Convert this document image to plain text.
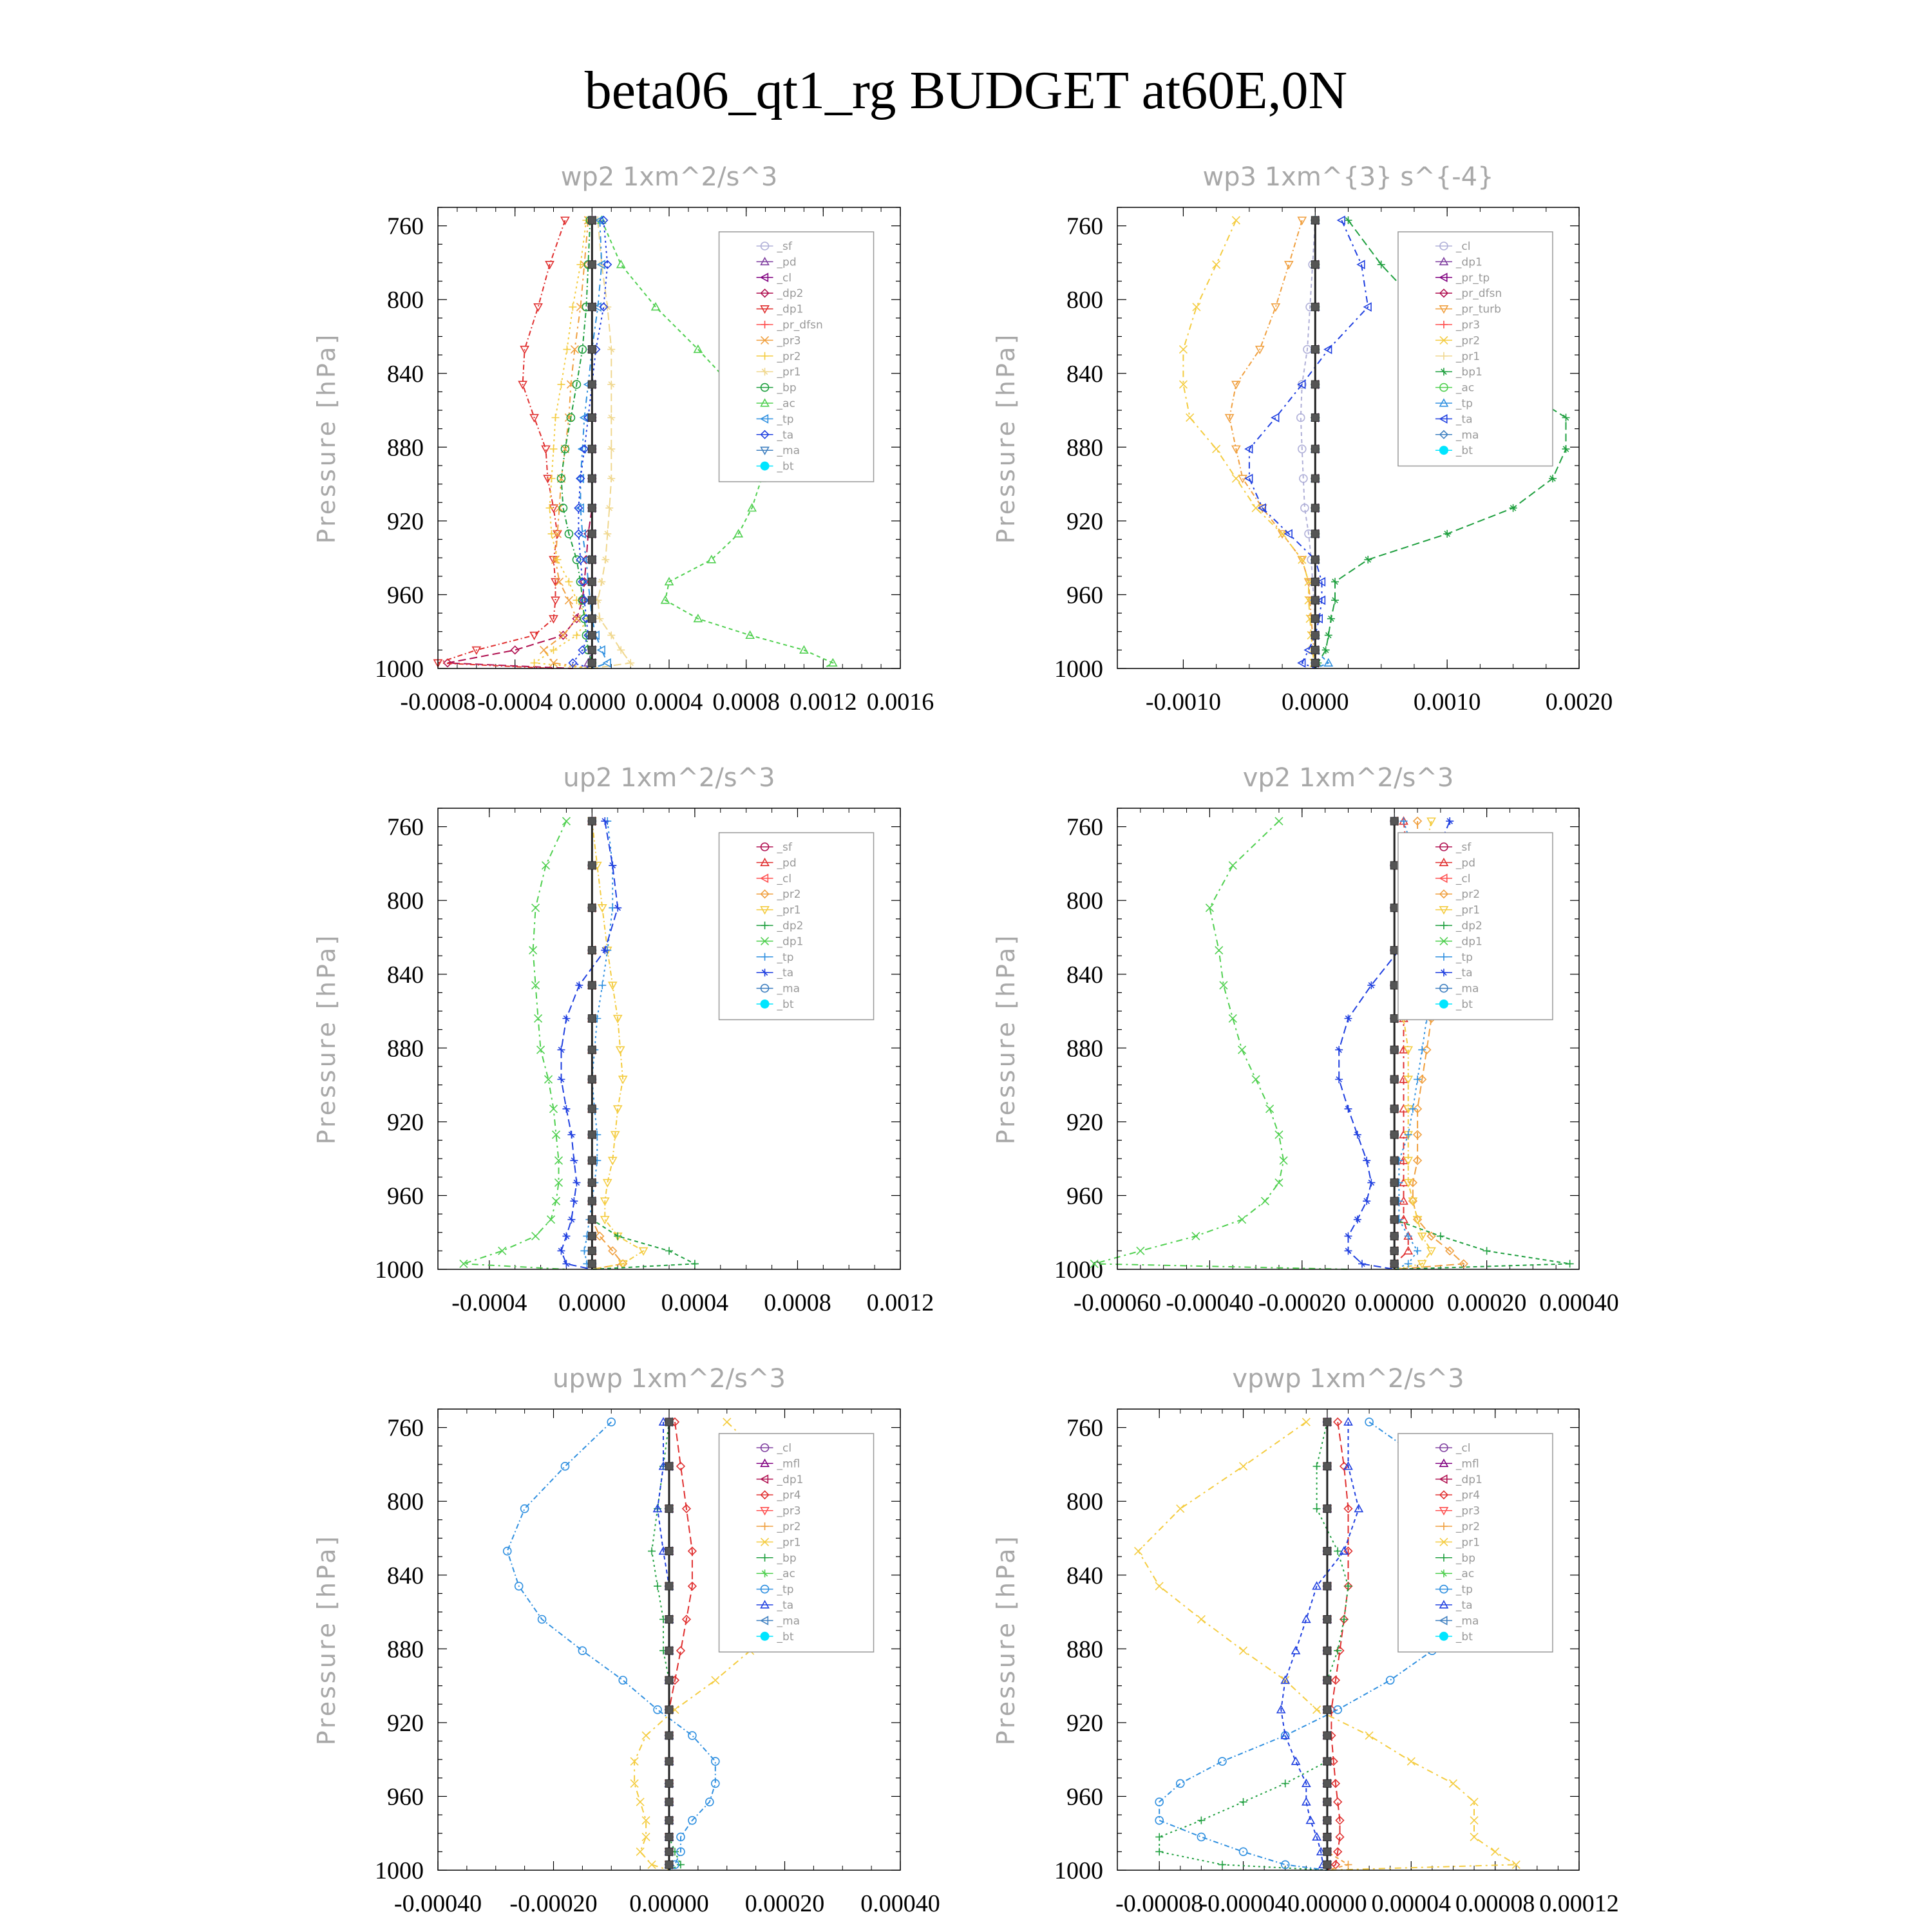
beta06_qt1_rg BUDGET at60E,0N
wp2 1xm^2/s^3
Pressure [hPa]
760
800
840
880
920
960
1000
-0.0008 -0.0004 0.0000 0.0004 0.0008 0.0012 0.0016
_sf
_pd
_cl
_dp2
_dp1
_pr_dfsn
_pr3
_pr2
_pr1
_bp
_ac
_tp
_ta
_ma
_bt
wp3 1xm^{3} s^{-4}
Pressure [hPa]
760
800
840
880
920
960
1000
-0.0010 0.0000	0.0010	0.0020
_cl
_dp1
_pr_tp
_pr_dfsn
_pr_turb
_pr3
_pr2
_pr1
_bp1
_ac
_tp
_ta
_ma
_bt
up2 1xm^2/s^3
Pressure [hPa]
760
800
840
880
920
960
1000
-0.0004 0.0000 0.0004 0.0008 0.0012
_sf
_pd
_cl
_pr2
_pr1
_dp2
_dp1
_tp
_ta
_ma
_bt
vp2 1xm^2/s^3
Pressure [hPa]
760
800
840
880
920
960
1000
-0.00060 -0.00040 -0.00020 0.00000 0.00020 0.00040
_sf
_pd
_cl
_pr2
_pr1
_dp2
_dp1
_tp
_ta
_ma
_bt
upwp 1xm^2/s^3
Pressure [hPa]
760
800
840
880
920
960
1000
-0.00040 -0.00020 0.00000 0.00020 0.00040
_cl
_mfl
_dp1
_pr4
_pr3
_pr2
_pr1
_bp
_ac
_tp
_ta
_ma
_bt
vpwp 1xm^2/s^3
Pressure [hPa]
760
800
840
880
920
960
1000
-0.00008
-0.00004 0.00000 0.00004 0.00008 0.00012
_cl
_mfl
_dp1
_pr4
_pr3
_pr2
_pr1
_bp
_ac
_tp
_ta
_ma
_bt
